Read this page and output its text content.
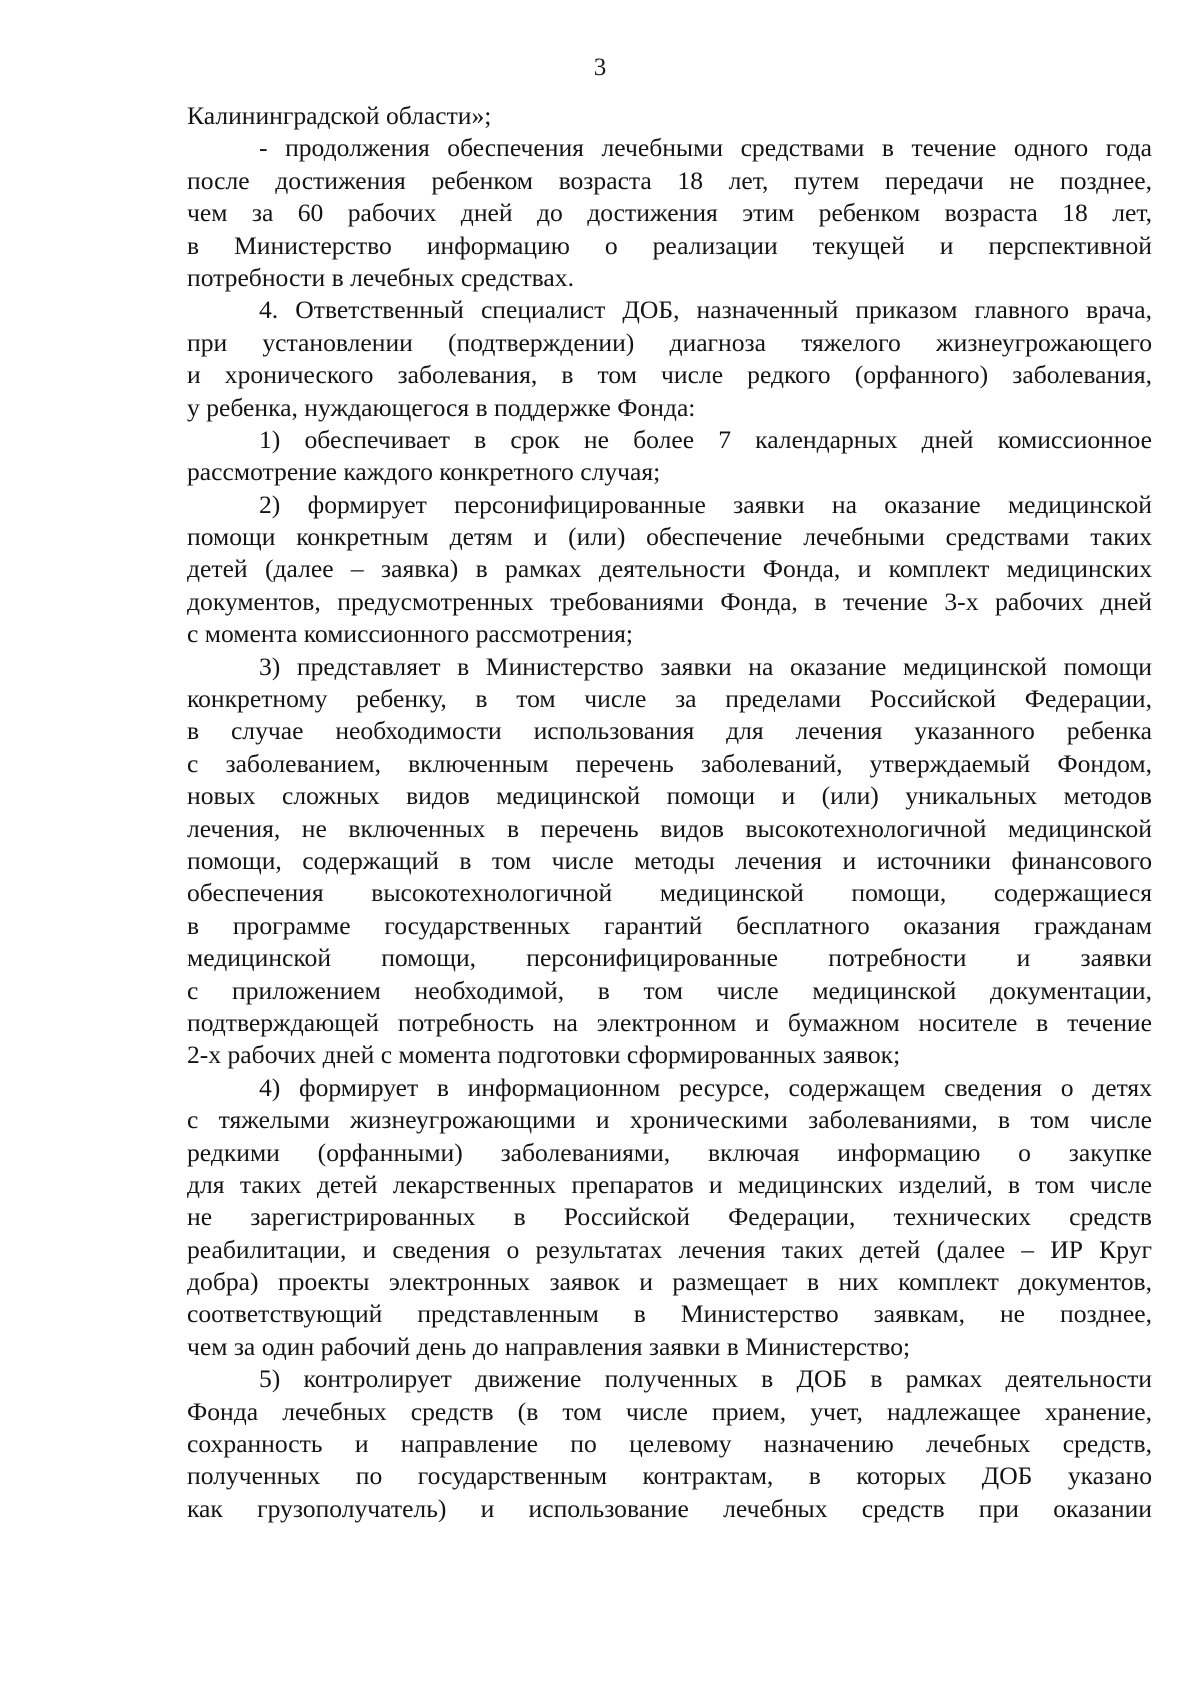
3
Калининградской области»;
- продолжения обеспечения лечебными средствами в течение одного года
после достижения ребенком возраста 18 лет, путем передачи не позднее,
чем за 60 рабочих дней до достижения этим ребенком возраста 18 лет,
в Министерство информацию о реализации текущей и перспективной
потребности в лечебных средствах.
4. Ответственный специалист ДОБ, назначенный приказом главного врача,
при установлении (подтверждении) диагноза тяжелого жизнеугрожающего
и хронического заболевания, в том числе редкого (орфанного) заболевания,
у ребенка, нуждающегося в поддержке Фонда:
1) обеспечивает в срок не более 7 календарных дней комиссионное
рассмотрение каждого конкретного случая;
2) формирует персонифицированные заявки на оказание медицинской
помощи конкретным детям и (или) обеспечение лечебными средствами таких
детей (далее – заявка) в рамках деятельности Фонда, и комплект медицинских
документов, предусмотренных требованиями Фонда, в течение 3-х рабочих дней
с момента комиссионного рассмотрения;
3) представляет в Министерство заявки на оказание медицинской помощи
конкретному ребенку, в том числе за пределами Российской Федерации,
в случае необходимости использования для лечения указанного ребенка
с заболеванием, включенным перечень заболеваний, утверждаемый Фондом,
новых сложных видов медицинской помощи и (или) уникальных методов
лечения, не включенных в перечень видов высокотехнологичной медицинской
помощи, содержащий в том числе методы лечения и источники финансового
обеспечения высокотехнологичной медицинской помощи, содержащиеся
в программе государственных гарантий бесплатного оказания гражданам
медицинской помощи, персонифицированные потребности и заявки
с приложением необходимой, в том числе медицинской документации,
подтверждающей потребность на электронном и бумажном носителе в течение
2-х рабочих дней с момента подготовки сформированных заявок;
4) формирует в информационном ресурсе, содержащем сведения о детях
с тяжелыми жизнеугрожающими и хроническими заболеваниями, в том числе
редкими (орфанными) заболеваниями, включая информацию о закупке
для таких детей лекарственных препаратов и медицинских изделий, в том числе
не зарегистрированных в Российской Федерации, технических средств
реабилитации, и сведения о результатах лечения таких детей (далее – ИР Круг
добра) проекты электронных заявок и размещает в них комплект документов,
соответствующий представленным в Министерство заявкам, не позднее,
чем за один рабочий день до направления заявки в Министерство;
5) контролирует движение полученных в ДОБ в рамках деятельности
Фонда лечебных средств (в том числе прием, учет, надлежащее хранение,
сохранность и направление по целевому назначению лечебных средств,
полученных по государственным контрактам, в которых ДОБ указано
как грузополучатель) и использование лечебных средств при оказании
